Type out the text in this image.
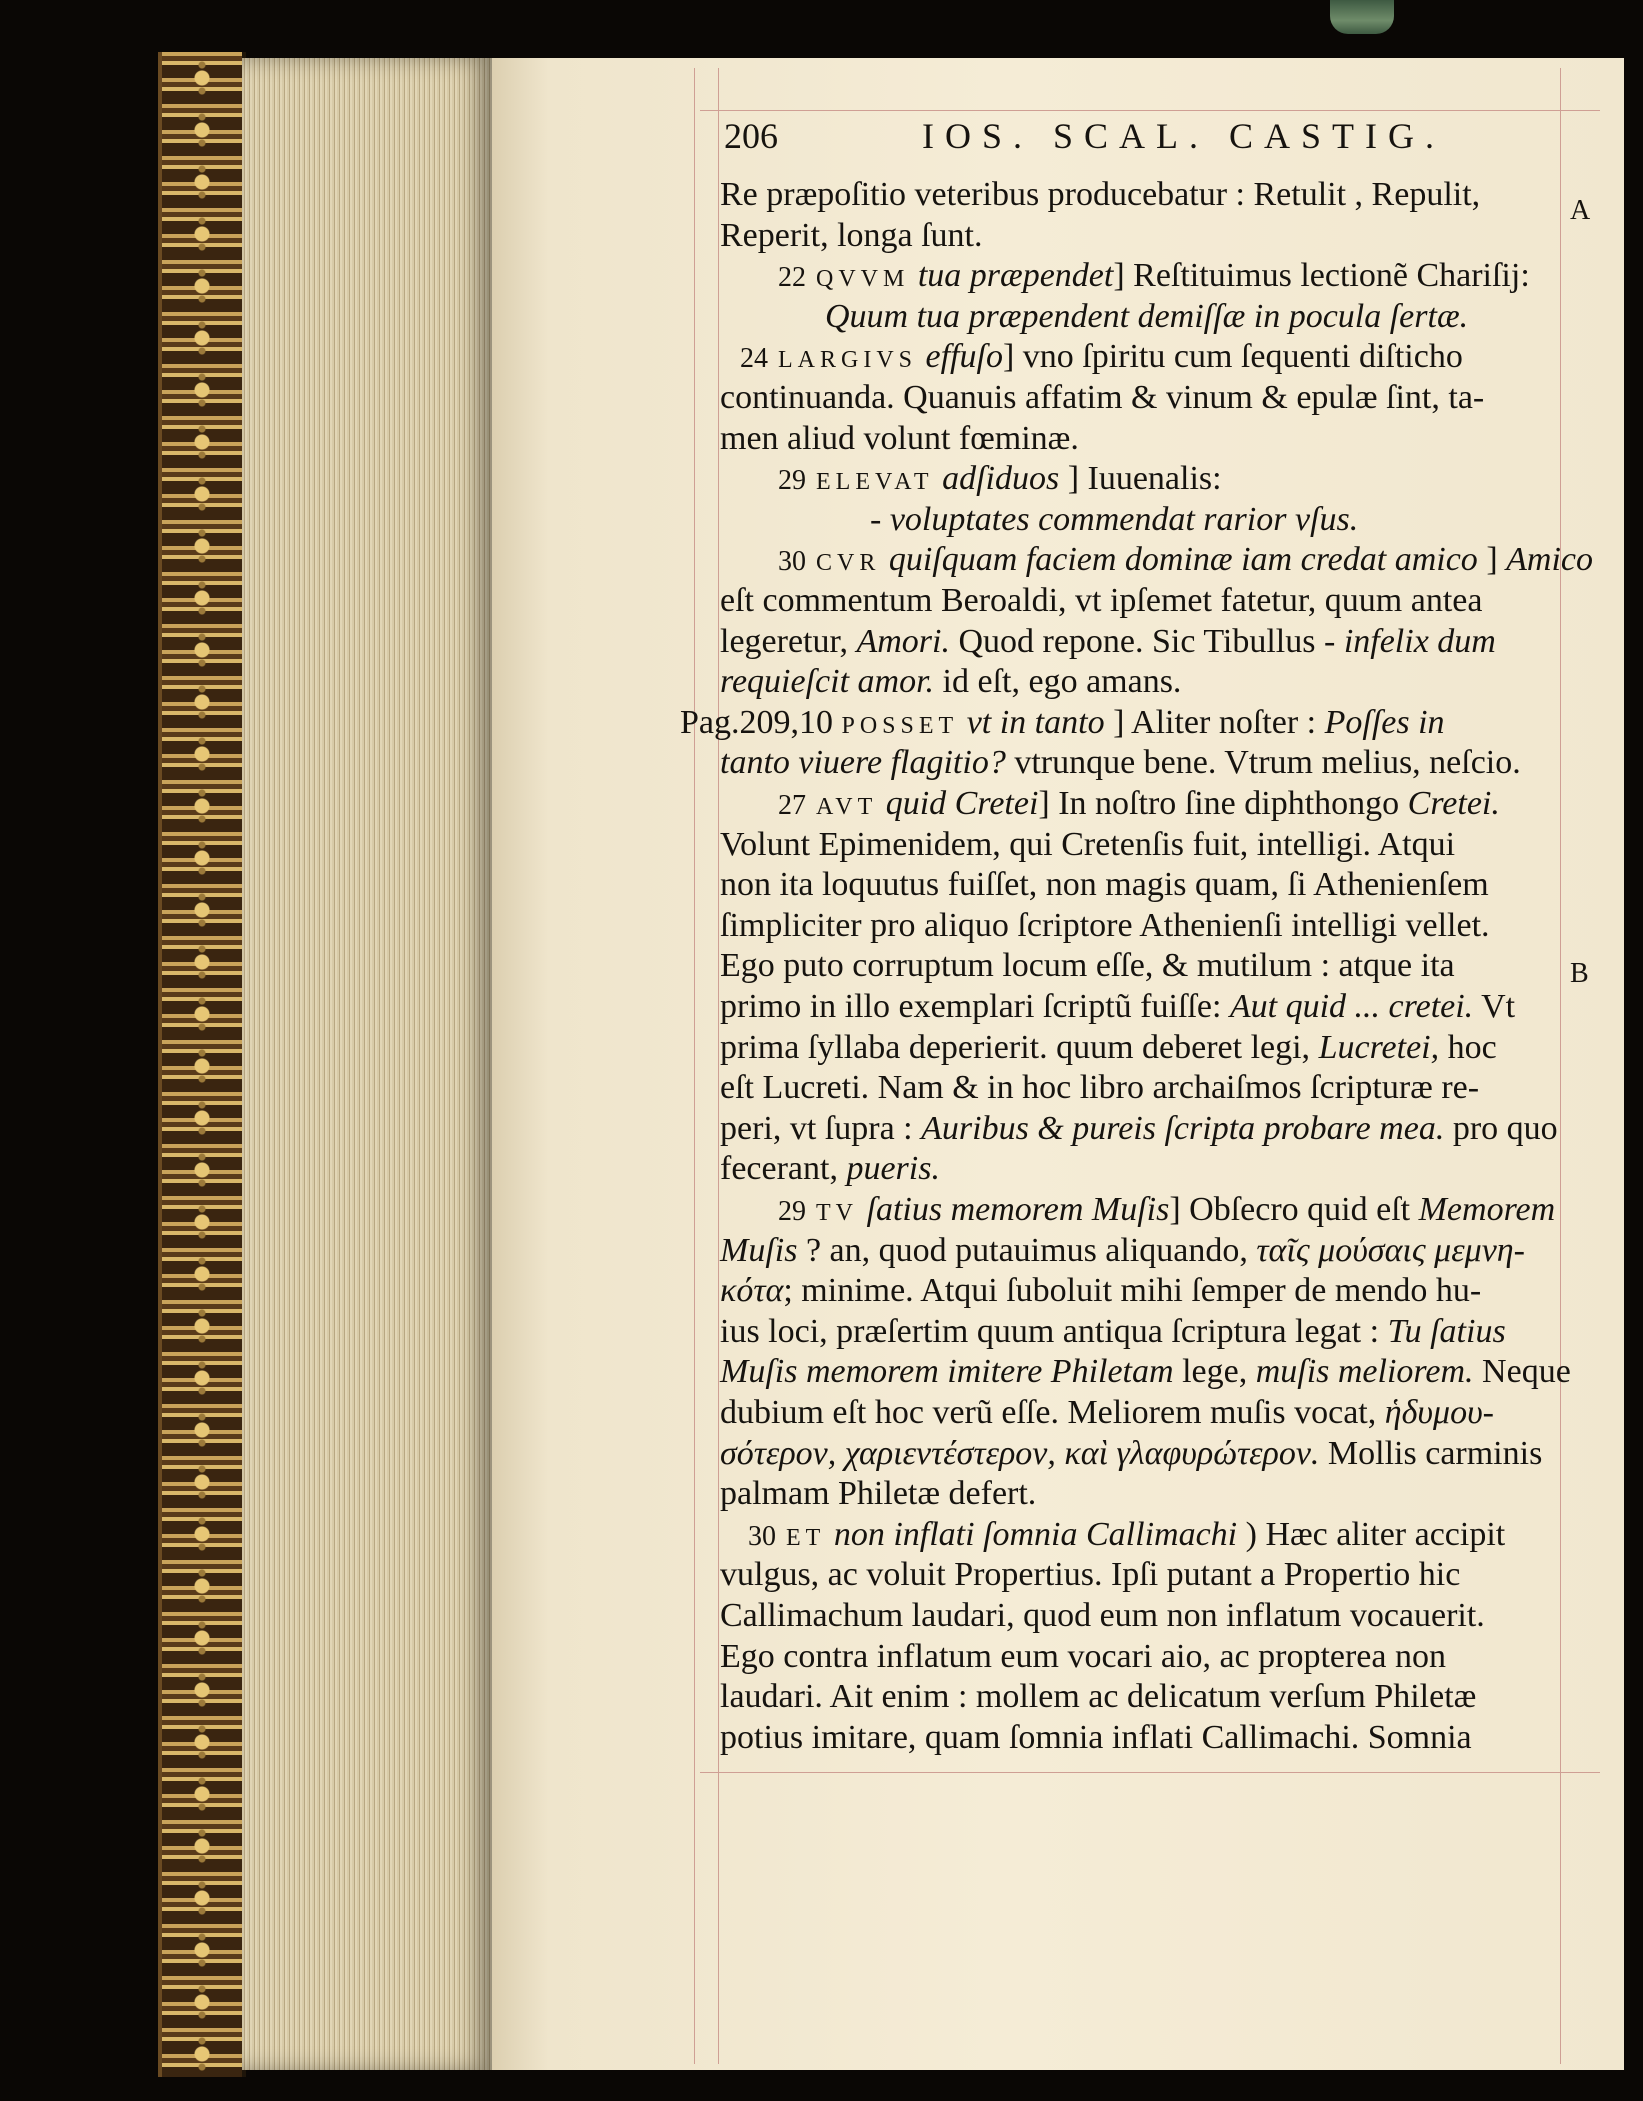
206	IOS. SCAL. CASTIG.
A
B
Re præpoſitio veteribus producebatur : Retulit , Repulit,
Reperit, longa ſunt.
22 QVVM tua præpendet] Reſtituimus lectionẽ Chariſij:
Quum tua præpendent demiſſæ in pocula ſertæ.
24 LARGIVS effuſo] vno ſpiritu cum ſequenti diſticho
continuanda. Quanuis affatim & vinum & epulæ ſint, ta-
men aliud volunt fœminæ.
29 ELEVAT adſiduos ] Iuuenalis:
- voluptates commendat rarior vſus.
30 CVR quiſquam faciem dominæ iam credat amico ] Amico
eſt commentum Beroaldi, vt ipſemet fatetur, quum antea
legeretur, Amori. Quod repone. Sic Tibullus - infelix dum
requieſcit amor. id eſt, ego amans.
Pag.209,10 POSSET vt in tanto ] Aliter noſter : Poſſes in
tanto viuere flagitio? vtrunque bene. Vtrum melius, neſcio.
27 AVT quid Cretei] In noſtro ſine diphthongo Cretei.
Volunt Epimenidem, qui Cretenſis fuit, intelligi. Atqui
non ita loquutus fuiſſet, non magis quam, ſi Athenienſem
ſimpliciter pro aliquo ſcriptore Athenienſi intelligi vellet.
Ego puto corruptum locum eſſe, & mutilum : atque ita
primo in illo exemplari ſcriptũ fuiſſe: Aut quid ... cretei. Vt
prima ſyllaba deperierit. quum deberet legi, Lucretei, hoc
eſt Lucreti. Nam & in hoc libro archaiſmos ſcripturæ re-
peri, vt ſupra : Auribus & pureis ſcripta probare mea. pro quo
fecerant, pueris.
29 TV ſatius memorem Muſis] Obſecro quid eſt Memorem
Muſis ? an, quod putauimus aliquando, ταῖς μούσαις μεμνη-
κότα; minime. Atqui ſuboluit mihi ſemper de mendo hu-
ius loci, præſertim quum antiqua ſcriptura legat : Tu ſatius
Muſis memorem imitere Philetam lege, muſis meliorem. Neque
dubium eſt hoc verũ eſſe. Meliorem muſis vocat, ἡδυμου-
σότερον, χαριεντέστερον, καὶ γλαφυρώτερον. Mollis carminis
palmam Philetæ defert.
30 ET non inflati ſomnia Callimachi ) Hæc aliter accipit
vulgus, ac voluit Propertius. Ipſi putant a Propertio hic
Callimachum laudari, quod eum non inflatum vocauerit.
Ego contra inflatum eum vocari aio, ac propterea non
laudari. Ait enim : mollem ac delicatum verſum Philetæ
potius imitare, quam ſomnia inflati Callimachi. Somnia
